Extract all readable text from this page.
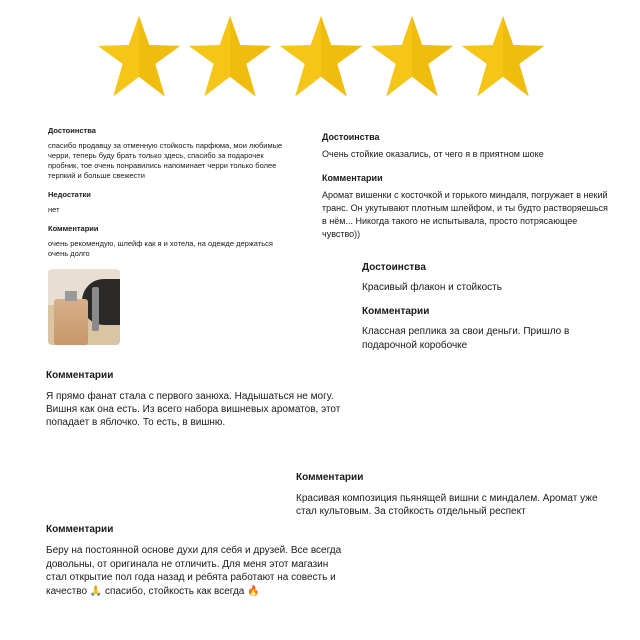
Достоинства

спасибо продавцу за отменную стойкость парфюма, мои любимые черри, теперь буду брать только здесь, спасибо за подарочек пробник, тое очень понравились напоминает черри только более терпкий и больше свежести

Недостатки

нет

Комментарии

очень рекомендую, шлейф как я и хотела, на одежде держаться очень долго

Достоинства

Очень стойкие оказались, от чего я в приятном шоке

Комментарии

Аромат вишенки с косточкой и горького миндаля, погружает в некий транс. Он укутывают плотным шлейфом, и ты будто растворяешься в нём... Никогда такого не испытывала, просто потрясающее чувство))

Достоинства

Красивый флакон и стойкость

Комментарии

Классная реплика за свои деньги. Пришло в подарочной коробочке

Комментарии

Я прямо фанат стала с первого занюха. Надышаться не могу. Вишня как она есть. Из всего набора вишневых ароматов, этот попадает в яблочко. То есть, в вишню.

Комментарии

Красивая композиция пьянящей вишни с миндалем. Аромат уже стал культовым. За стойкость отдельный респект

Комментарии

Беру на постоянной основе духи для себя и друзей. Все всегда довольны, от оригинала не отличить. Для меня этот магазин стал открытие пол года назад и ребята работают на совесть и качество 🙏 спасибо, стойкость как всегда 🔥
